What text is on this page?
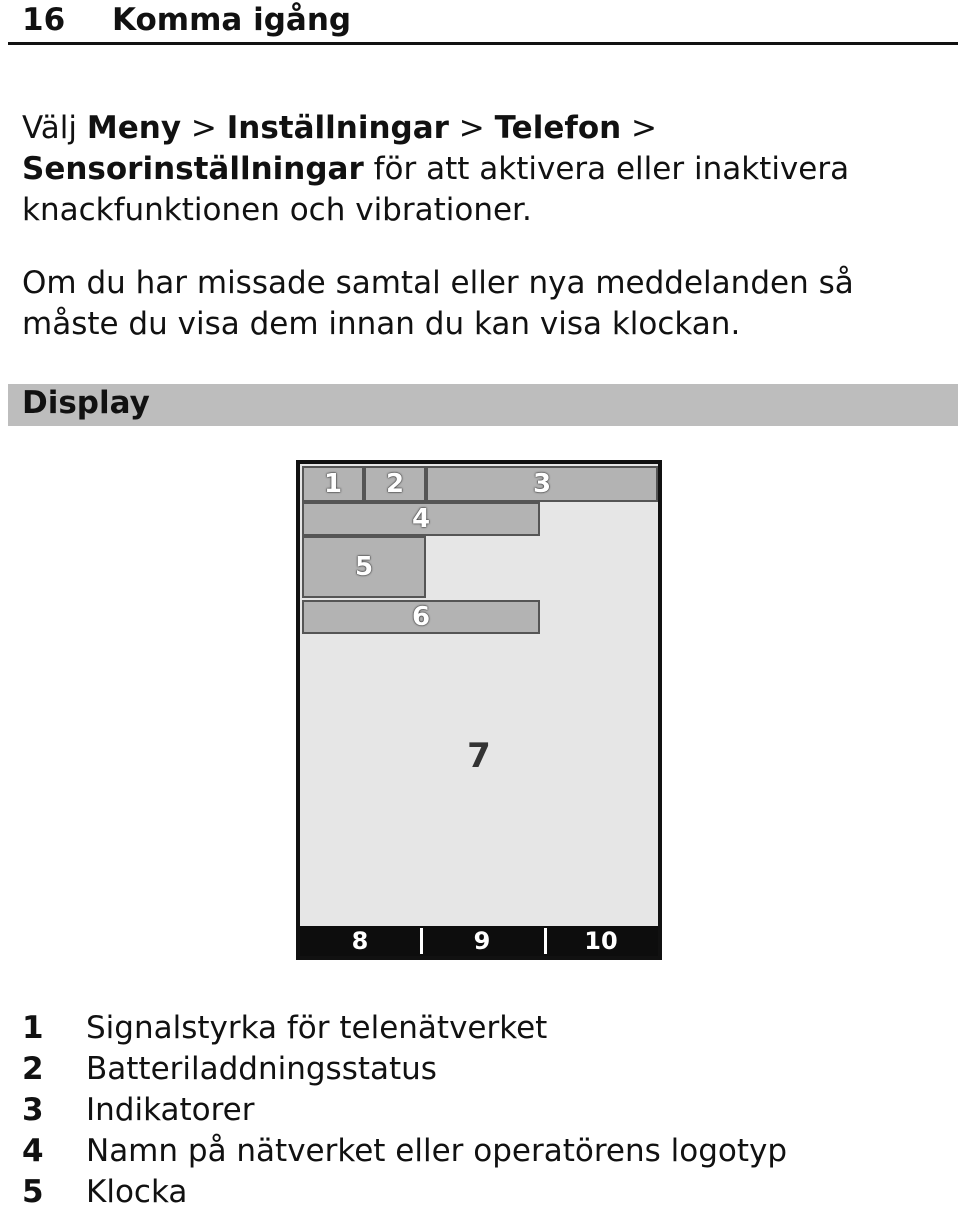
16 Komma igång
Välj Meny > Inställningar > Telefon > Sensorinställningar för att aktivera eller inaktivera knackfunktionen och vibrationer.
Om du har missade samtal eller nya meddelanden så måste du visa dem innan du kan visa klockan.
Display
1	2	3
4
5
6
7
8	9	10
1 Signalstyrka för telenätverket
2 Batteriladdningsstatus
3 Indikatorer
4 Namn på nätverket eller operatörens logotyp
5 Klocka
